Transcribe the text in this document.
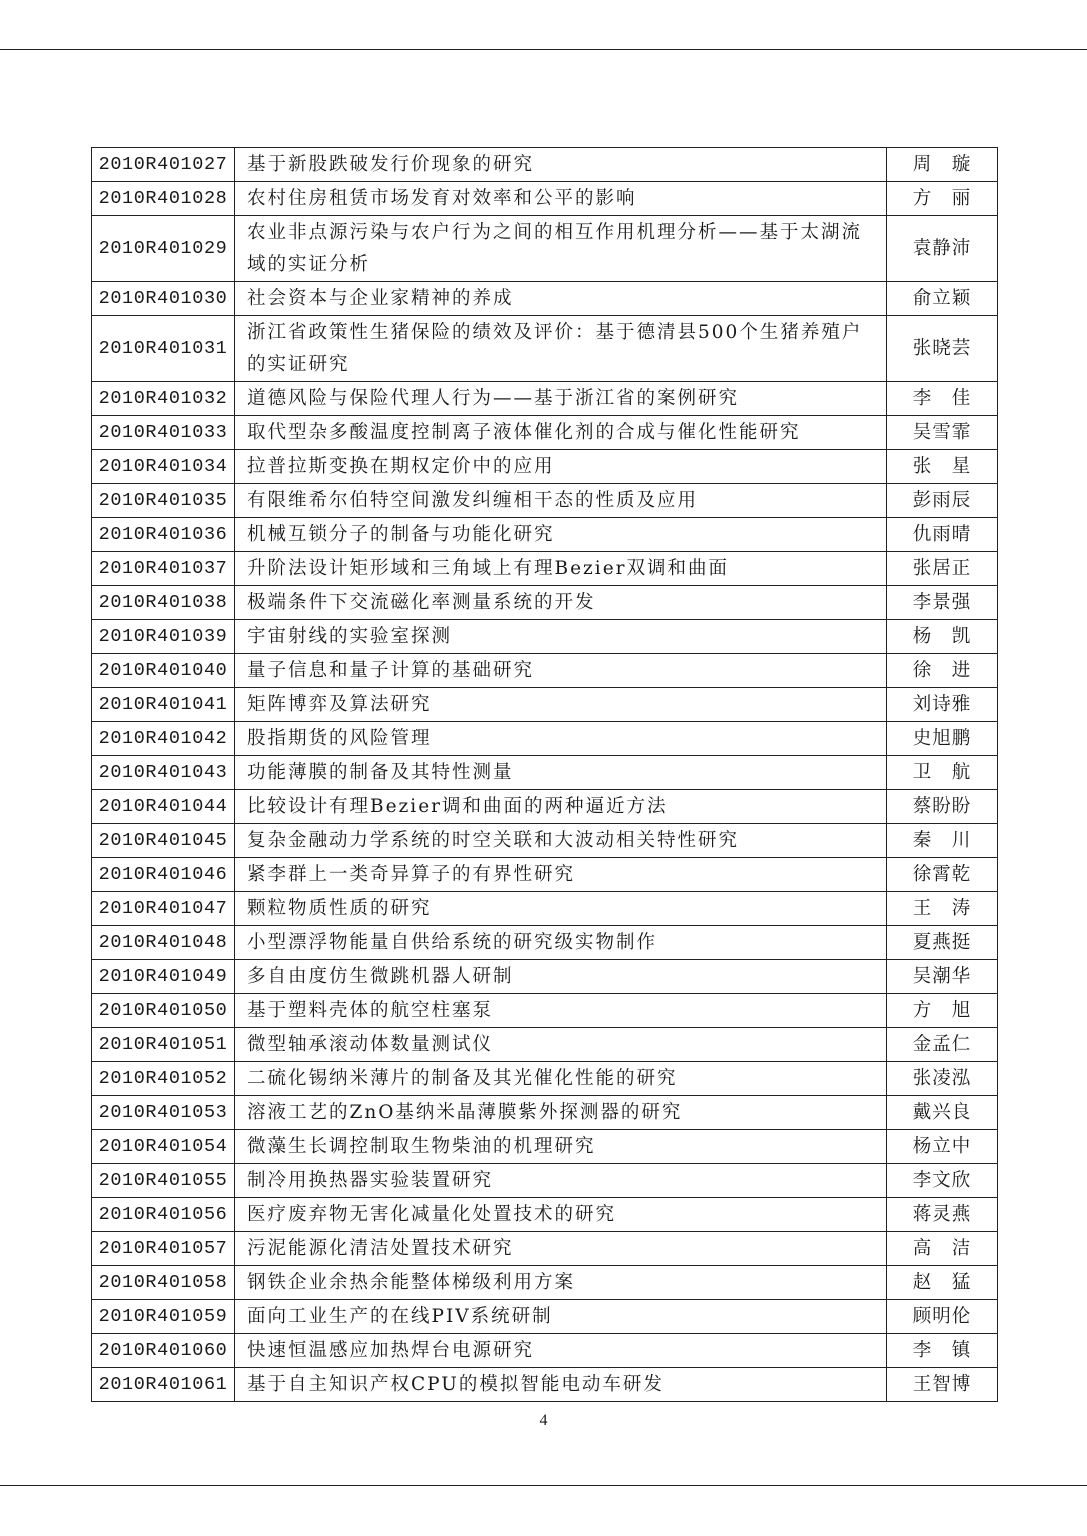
2010R401027	基于新股跌破发行价现象的研究	周　璇
2010R401028	农村住房租赁市场发育对效率和公平的影响	方　丽
2010R401029	农业非点源污染与农户行为之间的相互作用机理分析——基于太湖流域的实证分析	袁静沛
2010R401030	社会资本与企业家精神的养成	俞立颖
2010R401031	浙江省政策性生猪保险的绩效及评价：基于德清县500个生猪养殖户的实证研究	张晓芸
2010R401032	道德风险与保险代理人行为——基于浙江省的案例研究	李　佳
2010R401033	取代型杂多酸温度控制离子液体催化剂的合成与催化性能研究	吴雪霏
2010R401034	拉普拉斯变换在期权定价中的应用	张　星
2010R401035	有限维希尔伯特空间激发纠缠相干态的性质及应用	彭雨辰
2010R401036	机械互锁分子的制备与功能化研究	仇雨晴
2010R401037	升阶法设计矩形域和三角域上有理Bezier双调和曲面	张居正
2010R401038	极端条件下交流磁化率测量系统的开发	李景强
2010R401039	宇宙射线的实验室探测	杨　凯
2010R401040	量子信息和量子计算的基础研究	徐　进
2010R401041	矩阵博弈及算法研究	刘诗雅
2010R401042	股指期货的风险管理	史旭鹏
2010R401043	功能薄膜的制备及其特性测量	卫　航
2010R401044	比较设计有理Bezier调和曲面的两种逼近方法	蔡盼盼
2010R401045	复杂金融动力学系统的时空关联和大波动相关特性研究	秦　川
2010R401046	紧李群上一类奇异算子的有界性研究	徐霄乾
2010R401047	颗粒物质性质的研究	王　涛
2010R401048	小型漂浮物能量自供给系统的研究级实物制作	夏燕挺
2010R401049	多自由度仿生微跳机器人研制	吴潮华
2010R401050	基于塑料壳体的航空柱塞泵	方　旭
2010R401051	微型轴承滚动体数量测试仪	金孟仁
2010R401052	二硫化锡纳米薄片的制备及其光催化性能的研究	张凌泓
2010R401053	溶液工艺的ZnO基纳米晶薄膜紫外探测器的研究	戴兴良
2010R401054	微藻生长调控制取生物柴油的机理研究	杨立中
2010R401055	制冷用换热器实验装置研究	李文欣
2010R401056	医疗废弃物无害化减量化处置技术的研究	蒋灵燕
2010R401057	污泥能源化清洁处置技术研究	高　洁
2010R401058	钢铁企业余热余能整体梯级利用方案	赵　猛
2010R401059	面向工业生产的在线PIV系统研制	顾明伦
2010R401060	快速恒温感应加热焊台电源研究	李　镇
2010R401061	基于自主知识产权CPU的模拟智能电动车研发	王智博
4
